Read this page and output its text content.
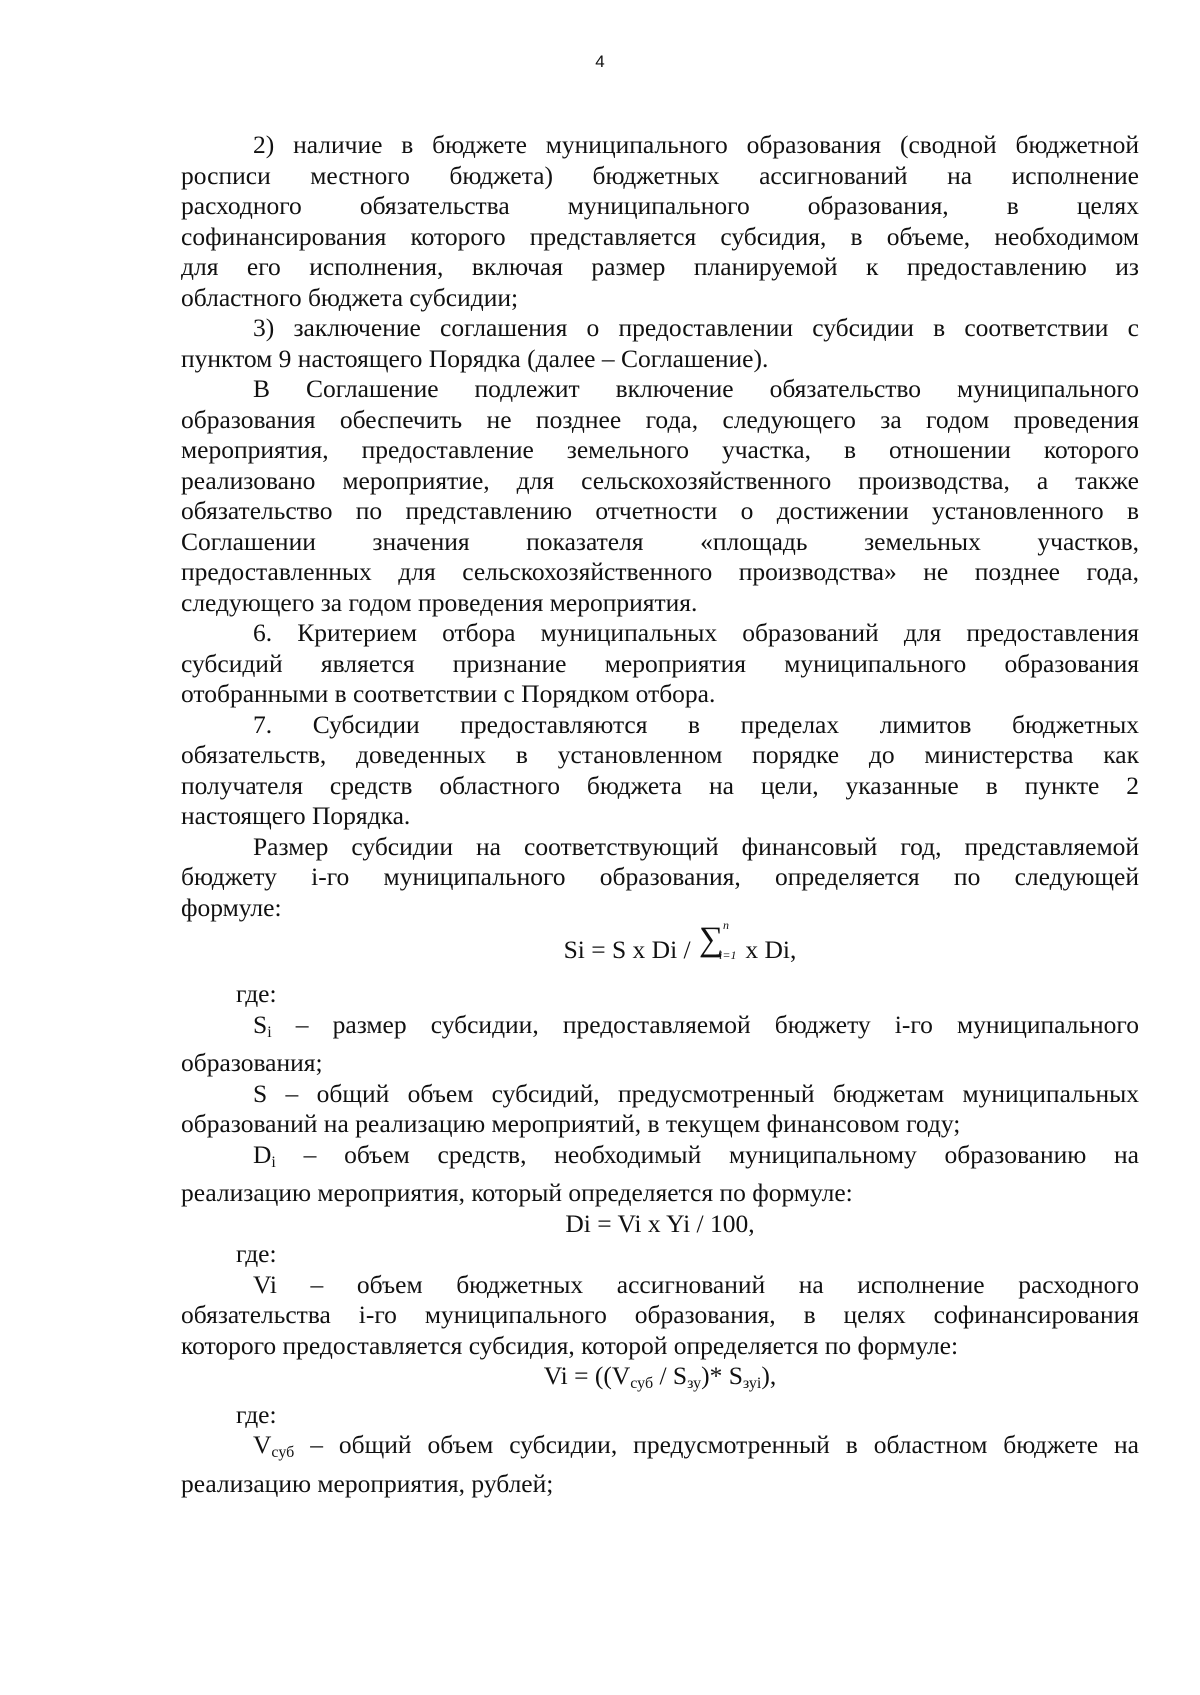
4
2) наличие в бюджете муниципального образования (сводной бюджетной
росписи местного бюджета) бюджетных ассигнований на исполнение
расходного обязательства муниципального образования, в целях
софинансирования которого представляется субсидия, в объеме, необходимом
для его исполнения, включая размер планируемой к предоставлению из
областного бюджета субсидии;
3) заключение соглашения о предоставлении субсидии в соответствии с
пунктом 9 настоящего Порядка (далее – Соглашение).
В Соглашение подлежит включение обязательство муниципального
образования обеспечить не позднее года, следующего за годом проведения
мероприятия, предоставление земельного участка, в отношении которого
реализовано мероприятие, для сельскохозяйственного производства, а также
обязательство по представлению отчетности о достижении установленного в
Соглашении значения показателя «площадь земельных участков,
предоставленных для сельскохозяйственного производства» не позднее года,
следующего за годом проведения мероприятия.
6. Критерием отбора муниципальных образований для предоставления
субсидий является признание мероприятия муниципального образования
отобранными в соответствии с Порядком отбора.
7. Субсидии предоставляются в пределах лимитов бюджетных
обязательств, доведенных в установленном порядке до министерства как
получателя средств областного бюджета на цели, указанные в пункте 2
настоящего Порядка.
Размер субсидии на соответствующий финансовый год, представляемой
бюджету i-го муниципального образования, определяется по следующей
формуле:
Si = S x Di / ∑ n
i=1 x Di,
где:
Si – размер субсидии, предоставляемой бюджету i-го муниципального
образования;
S – общий объем субсидий, предусмотренный бюджетам муниципальных
образований на реализацию мероприятий, в текущем финансовом году;
Di – объем средств, необходимый муниципальному образованию на
реализацию мероприятия, который определяется по формуле:
Di = Vi x Yi / 100,
где:
Vi – объем бюджетных ассигнований на исполнение расходного
обязательства i-го муниципального образования, в целях софинансирования
которого предоставляется субсидия, которой определяется по формуле:
Vi = ((Vсуб / Sзу)* Sзуi),
где:
Vсуб – общий объем субсидии, предусмотренный в областном бюджете на
реализацию мероприятия, рублей;
